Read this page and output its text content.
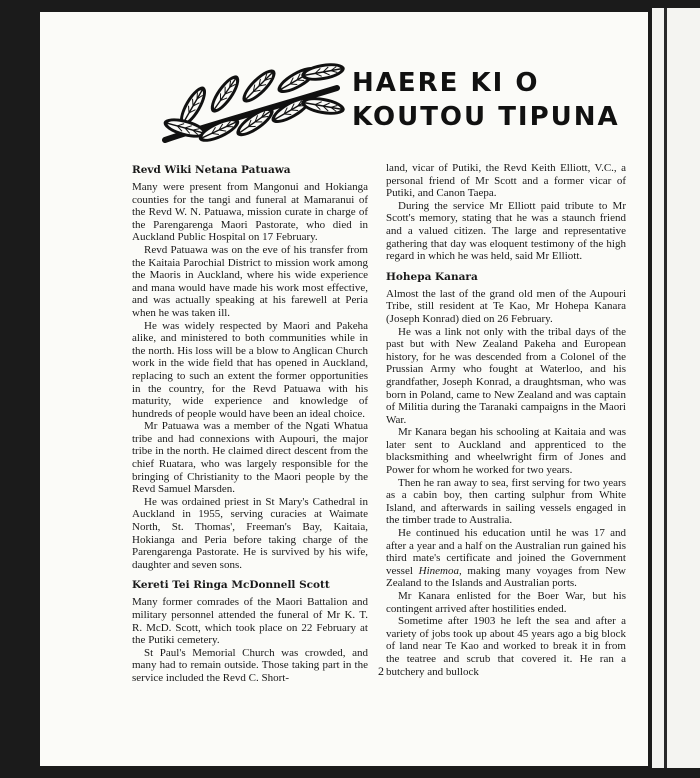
HAERE KI O
KOUTOU TIPUNA
Revd Wiki Netana Patuawa

Many were present from Mangonui and Hokianga counties for the tangi and funeral at Mamaranui of the Revd W. N. Patuawa, mission curate in charge of the Parengarenga Maori Pastorate, who died in Auckland Public Hospital on 17 February.

Revd Patuawa was on the eve of his transfer from the Kaitaia Parochial District to mission work among the Maoris in Auckland, where his wide experience and mana would have made his work most effective, and was actually speaking at his farewell at Peria when he was taken ill.

He was widely respected by Maori and Pakeha alike, and ministered to both communities while in the north. His loss will be a blow to Anglican Church work in the wide field that has opened in Auckland, replacing to such an extent the former opportunities in the country, for the Revd Patuawa with his maturity, wide experience and knowledge of hundreds of people would have been an ideal choice.

Mr Patuawa was a member of the Ngati Whatua tribe and had connexions with Aupouri, the major tribe in the north. He claimed direct descent from the chief Ruatara, who was largely responsible for the bringing of Christianity to the Maori people by the Revd Samuel Marsden.

He was ordained priest in St Mary's Cathedral in Auckland in 1955, serving curacies at Waimate North, St. Thomas', Freeman's Bay, Kaitaia, Hokianga and Peria before taking charge of the Parengarenga Pastorate. He is survived by his wife, daughter and seven sons.

Kereti Tei Ringa McDonnell Scott

Many former comrades of the Maori Battalion and military personnel attended the funeral of Mr K. T. R. McD. Scott, which took place on 22 February at the Putiki cemetery.

St Paul's Memorial Church was crowded, and many had to remain outside. Those taking part in the service included the Revd C. Short-

land, vicar of Putiki, the Revd Keith Elliott, V.C., a personal friend of Mr Scott and a former vicar of Putiki, and Canon Taepa.

During the service Mr Elliott paid tribute to Mr Scott's memory, stating that he was a staunch friend and a valued citizen. The large and representative gathering that day was eloquent testimony of the high regard in which he was held, said Mr Elliott.

Hohepa Kanara

Almost the last of the grand old men of the Aupouri Tribe, still resident at Te Kao, Mr Hohepa Kanara (Joseph Konrad) died on 26 February.

He was a link not only with the tribal days of the past but with New Zealand Pakeha and European history, for he was descended from a Colonel of the Prussian Army who fought at Waterloo, and his grandfather, Joseph Konrad, a draughtsman, who was born in Poland, came to New Zealand and was captain of Militia during the Taranaki campaigns in the Maori War.

Mr Kanara began his schooling at Kaitaia and was later sent to Auckland and apprenticed to the blacksmithing and wheelwright firm of Jones and Power for whom he worked for two years.

Then he ran away to sea, first serving for two years as a cabin boy, then carting sulphur from White Island, and afterwards in sailing vessels engaged in the timber trade to Australia.

He continued his education until he was 17 and after a year and a half on the Australian run gained his third mate's certificate and joined the Government vessel Hinemoa, making many voyages from New Zealand to the Islands and Australian ports.

Mr Kanara enlisted for the Boer War, but his contingent arrived after hostilities ended.

Sometime after 1903 he left the sea and after a variety of jobs took up about 45 years ago a big block of land near Te Kao and worked to break it in from the teatree and scrub that covered it. He ran a butchery and bullock

2
